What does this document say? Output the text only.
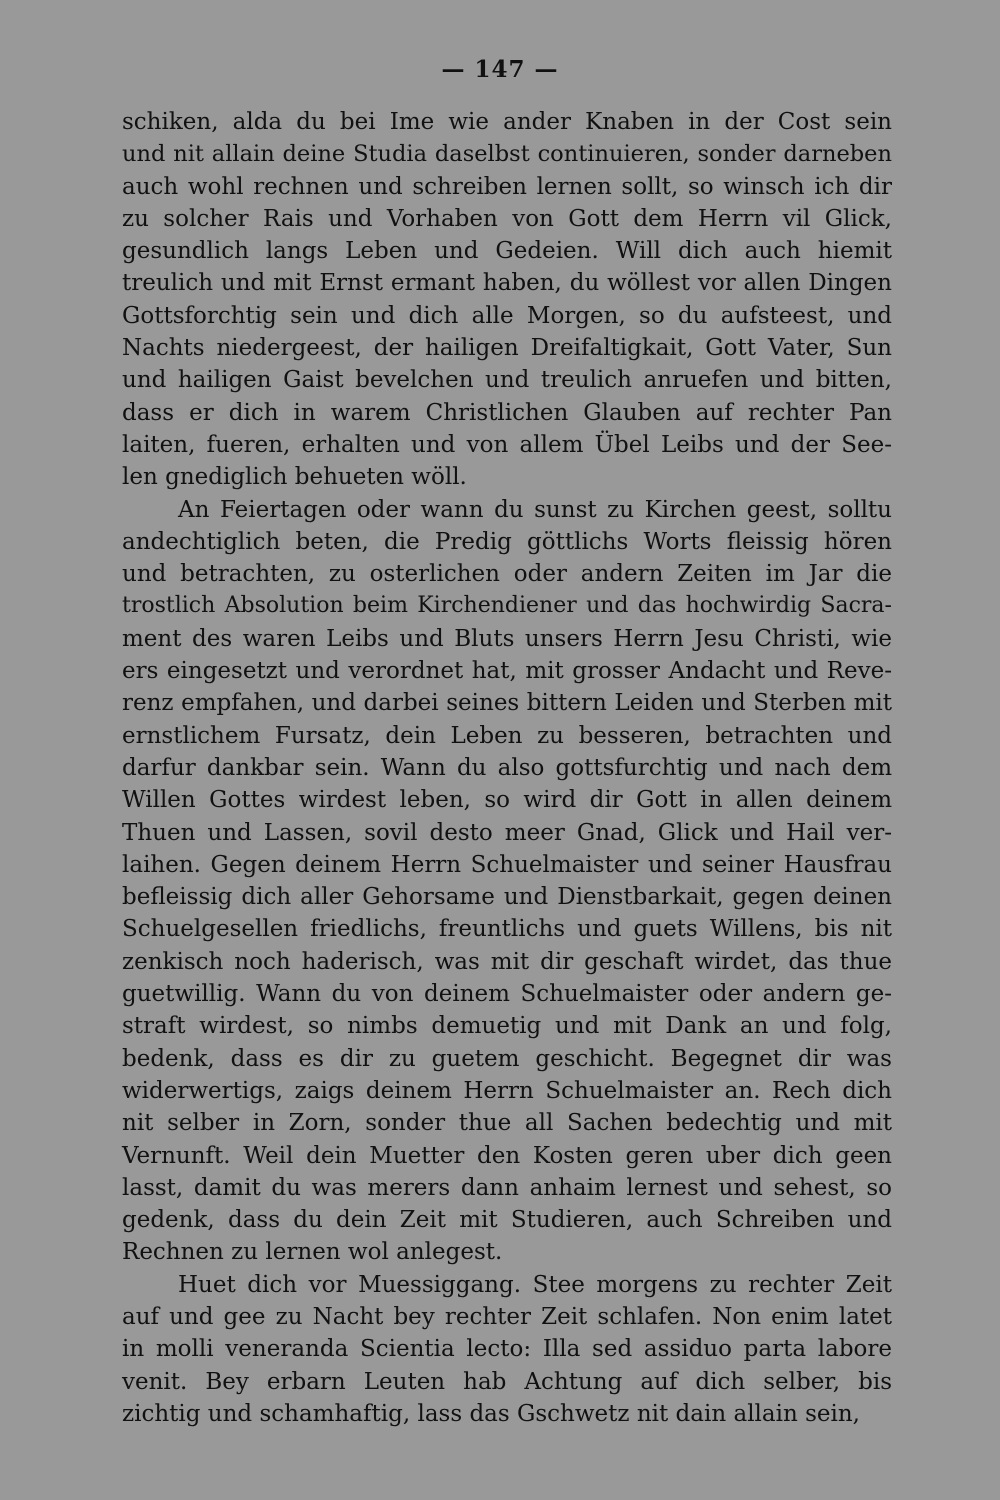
— 147 —
schiken, alda du bei Ime wie ander Knaben in der Cost sein
und nit allain deine Studia daselbst continuieren, sonder darneben
auch wohl rechnen und schreiben lernen sollt, so winsch ich dir
zu solcher Rais und Vorhaben von Gott dem Herrn vil Glick,
gesundlich langs Leben und Gedeien. Will dich auch hiemit
treulich und mit Ernst ermant haben, du wöllest vor allen Dingen
Gottsforchtig sein und dich alle Morgen, so du aufsteest, und
Nachts niedergeest, der hailigen Dreifaltigkait, Gott Vater, Sun
und hailigen Gaist bevelchen und treulich anruefen und bitten,
dass er dich in warem Christlichen Glauben auf rechter Pan
laiten, fueren, erhalten und von allem Übel Leibs und der See-
len gnediglich behueten wöll.
An Feiertagen oder wann du sunst zu Kirchen geest, solltu
andechtiglich beten, die Predig göttlichs Worts fleissig hören
und betrachten, zu osterlichen oder andern Zeiten im Jar die
trostlich Absolution beim Kirchendiener und das hochwirdig Sacra-
ment des waren Leibs und Bluts unsers Herrn Jesu Christi, wie
ers eingesetzt und verordnet hat, mit grosser Andacht und Reve-
renz empfahen, und darbei seines bittern Leiden und Sterben mit
ernstlichem Fursatz, dein Leben zu besseren, betrachten und
darfur dankbar sein. Wann du also gottsfurchtig und nach dem
Willen Gottes wirdest leben, so wird dir Gott in allen deinem
Thuen und Lassen, sovil desto meer Gnad, Glick und Hail ver-
laihen. Gegen deinem Herrn Schuelmaister und seiner Hausfrau
befleissig dich aller Gehorsame und Dienstbarkait, gegen deinen
Schuelgesellen friedlichs, freuntlichs und guets Willens, bis nit
zenkisch noch haderisch, was mit dir geschaft wirdet, das thue
guetwillig. Wann du von deinem Schuelmaister oder andern ge-
straft wirdest, so nimbs demuetig und mit Dank an und folg,
bedenk, dass es dir zu guetem geschicht. Begegnet dir was
widerwertigs, zaigs deinem Herrn Schuelmaister an. Rech dich
nit selber in Zorn, sonder thue all Sachen bedechtig und mit
Vernunft. Weil dein Muetter den Kosten geren uber dich geen
lasst, damit du was merers dann anhaim lernest und sehest, so
gedenk, dass du dein Zeit mit Studieren, auch Schreiben und
Rechnen zu lernen wol anlegest.
Huet dich vor Muessiggang. Stee morgens zu rechter Zeit
auf und gee zu Nacht bey rechter Zeit schlafen. Non enim latet
in molli veneranda Scientia lecto: Illa sed assiduo parta labore
venit. Bey erbarn Leuten hab Achtung auf dich selber, bis
zichtig und schamhaftig, lass das Gschwetz nit dain allain sein,
